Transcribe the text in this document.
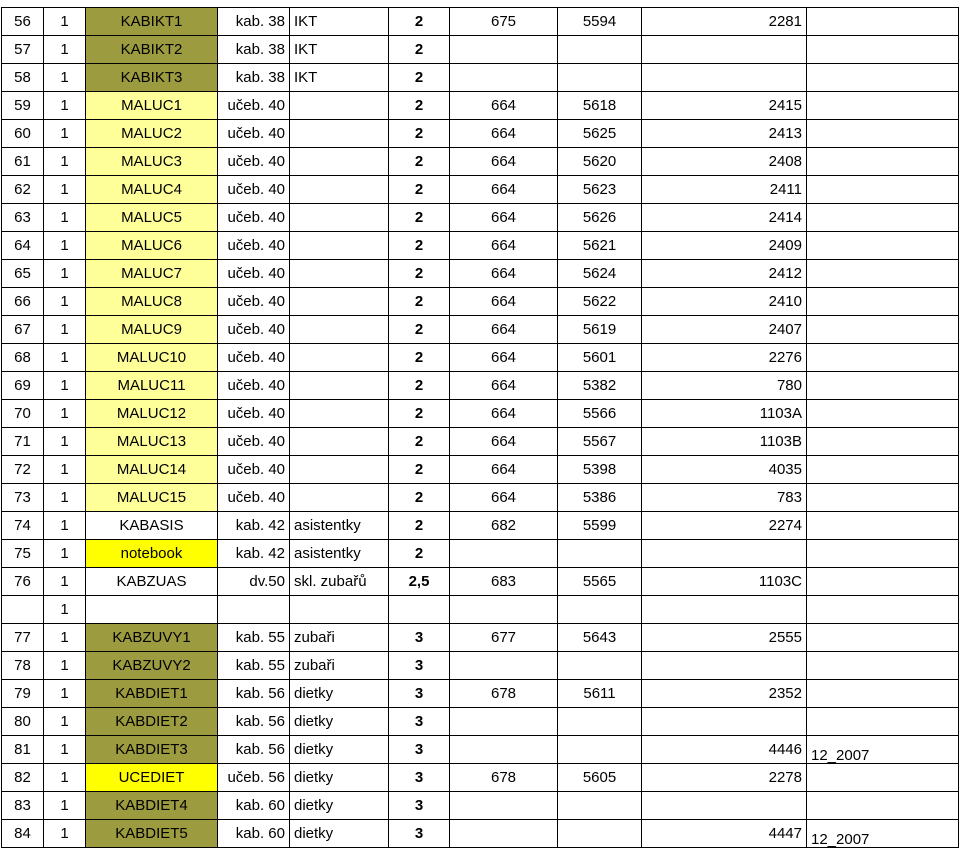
56	1	KABIKT1	kab. 38	IKT	2	675	5594	2281	
57	1	KABIKT2	kab. 38	IKT	2				
58	1	KABIKT3	kab. 38	IKT	2				
59	1	MALUC1	učeb. 40		2	664	5618	2415	
60	1	MALUC2	učeb. 40		2	664	5625	2413	
61	1	MALUC3	učeb. 40		2	664	5620	2408	
62	1	MALUC4	učeb. 40		2	664	5623	2411	
63	1	MALUC5	učeb. 40		2	664	5626	2414	
64	1	MALUC6	učeb. 40		2	664	5621	2409	
65	1	MALUC7	učeb. 40		2	664	5624	2412	
66	1	MALUC8	učeb. 40		2	664	5622	2410	
67	1	MALUC9	učeb. 40		2	664	5619	2407	
68	1	MALUC10	učeb. 40		2	664	5601	2276	
69	1	MALUC11	učeb. 40		2	664	5382	780	
70	1	MALUC12	učeb. 40		2	664	5566	1103A	
71	1	MALUC13	učeb. 40		2	664	5567	1103B	
72	1	MALUC14	učeb. 40		2	664	5398	4035	
73	1	MALUC15	učeb. 40		2	664	5386	783	
74	1	KABASIS	kab. 42	asistentky	2	682	5599	2274	
75	1	notebook	kab. 42	asistentky	2				
76	1	KABZUAS	dv.50	skl. zubařů	2,5	683	5565	1103C	
	1								
77	1	KABZUVY1	kab. 55	zubaři	3	677	5643	2555	
78	1	KABZUVY2	kab. 55	zubaři	3				
79	1	KABDIET1	kab. 56	dietky	3	678	5611	2352	
80	1	KABDIET2	kab. 56	dietky	3				
81	1	KABDIET3	kab. 56	dietky	3			4446	12_2007
82	1	UCEDIET	učeb. 56	dietky	3	678	5605	2278	
83	1	KABDIET4	kab. 60	dietky	3				
84	1	KABDIET5	kab. 60	dietky	3			4447	12_2007
